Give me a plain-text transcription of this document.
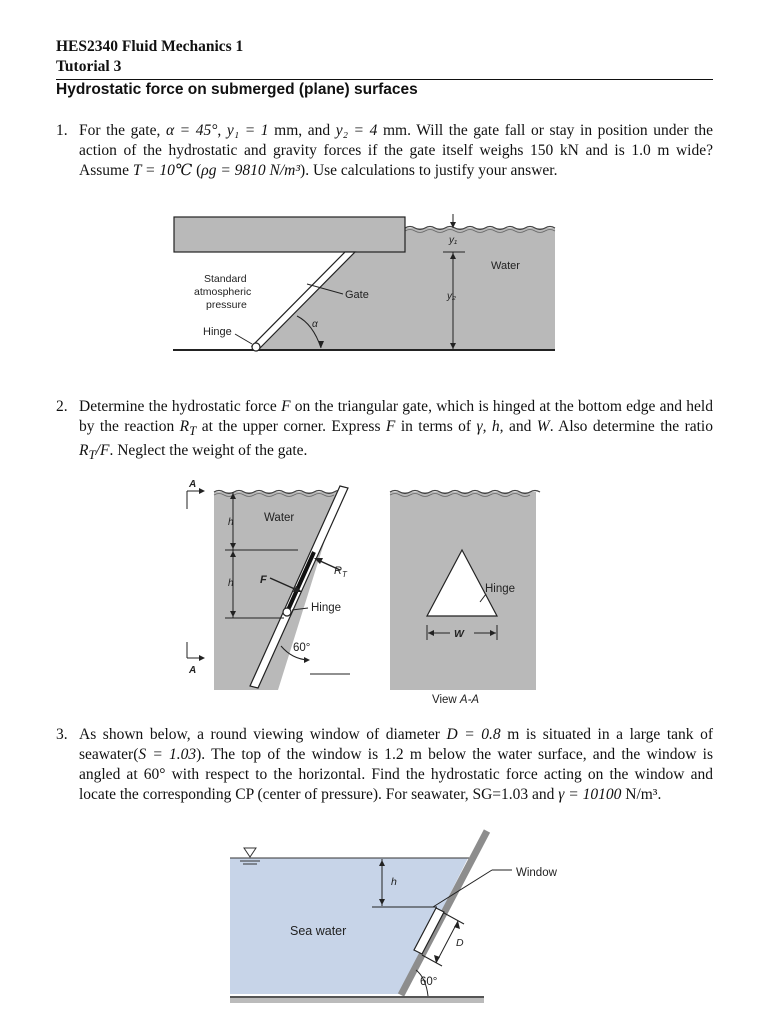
HES2340 Fluid Mechanics 1
Tutorial 3
Hydrostatic force on submerged (plane) surfaces
1. For the gate, α = 45°, y₁ = 1 mm, and y₂ = 4 mm. Will the gate fall or stay in position under the action of the hydrostatic and gravity forces if the gate itself weighs 150 kN and is 1.0 m wide? Assume T = 10℃ (ρg = 9810 N/m³). Use calculations to justify your answer.
α
y₁
y₂
Water
Standard
atmospheric
pressure
Gate
Hinge
2. Determine the hydrostatic force F on the triangular gate, which is hinged at the bottom edge and held by the reaction $R_T$ at the upper corner. Express F in terms of γ, h, and W. Also determine the ratio $R_T/F$. Neglect the weight of the gate.
A
A
h
h
Water
F
R T
Hinge
60°
Hinge
W
View A-A
3. As shown below, a round viewing window of diameter D = 0.8 m is situated in a large tank of seawater(S = 1.03). The top of the window is 1.2 m below the water surface, and the window is angled at 60° with respect to the horizontal. Find the hydrostatic force acting on the window and locate the corresponding CP (center of pressure). For seawater, SG=1.03 and γ = 10100 N/m³.
h
D
Window
Sea water
60°
